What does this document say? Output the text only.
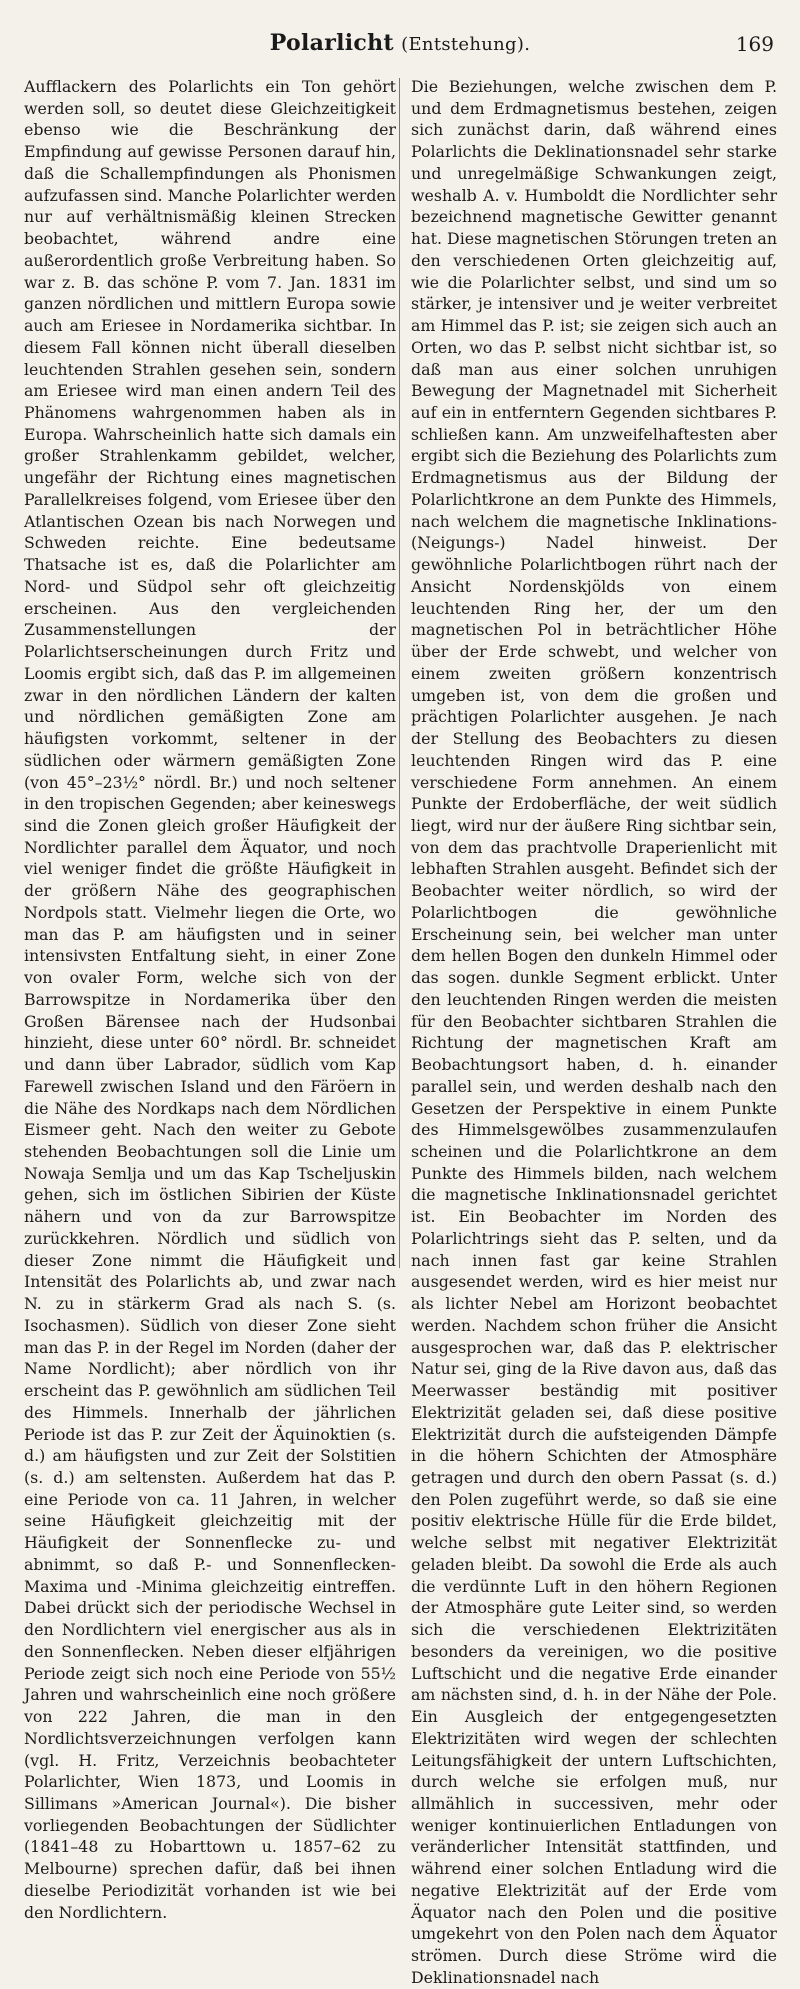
Polarlicht (Entstehung).	169

Aufflackern des Polarlichts ein Ton gehört werden soll, so deutet diese Gleichzeitigkeit ebenso wie die Beschränkung der Empfindung auf gewisse Personen darauf hin, daß die Schallempfindungen als Phonismen aufzufassen sind. Manche Polarlichter werden nur auf verhältnismäßig kleinen Strecken beobachtet, während andre eine außerordentlich große Verbreitung haben. So war z. B. das schöne P. vom 7. Jan. 1831 im ganzen nördlichen und mittlern Europa sowie auch am Eriesee in Nordamerika sichtbar. In diesem Fall können nicht überall dieselben leuchtenden Strahlen gesehen sein, sondern am Eriesee wird man einen andern Teil des Phänomens wahrgenommen haben als in Europa. Wahrscheinlich hatte sich damals ein großer Strahlenkamm gebildet, welcher, ungefähr der Richtung eines magnetischen Parallelkreises folgend, vom Eriesee über den Atlantischen Ozean bis nach Norwegen und Schweden reichte. Eine bedeutsame Thatsache ist es, daß die Polarlichter am Nord- und Südpol sehr oft gleichzeitig erscheinen. Aus den vergleichenden Zusammenstellungen der Polarlichtserscheinungen durch Fritz und Loomis ergibt sich, daß das P. im allgemeinen zwar in den nördlichen Ländern der kalten und nördlichen gemäßigten Zone am häufigsten vorkommt, seltener in der südlichen oder wärmern gemäßigten Zone (von 45°–23½° nördl. Br.) und noch seltener in den tropischen Gegenden; aber keineswegs sind die Zonen gleich großer Häufigkeit der Nordlichter parallel dem Äquator, und noch viel weniger findet die größte Häufigkeit in der größern Nähe des geographischen Nordpols statt. Vielmehr liegen die Orte, wo man das P. am häufigsten und in seiner intensivsten Entfaltung sieht, in einer Zone von ovaler Form, welche sich von der Barrowspitze in Nordamerika über den Großen Bärensee nach der Hudsonbai hinzieht, diese unter 60° nördl. Br. schneidet und dann über Labrador, südlich vom Kap Farewell zwischen Island und den Färöern in die Nähe des Nordkaps nach dem Nördlichen Eismeer geht. Nach den weiter zu Gebote stehenden Beobachtungen soll die Linie um Nowaja Semlja und um das Kap Tscheljuskin gehen, sich im östlichen Sibirien der Küste nähern und von da zur Barrowspitze zurückkehren. Nördlich und südlich von dieser Zone nimmt die Häufigkeit und Intensität des Polarlichts ab, und zwar nach N. zu in stärkerm Grad als nach S. (s. Isochasmen). Südlich von dieser Zone sieht man das P. in der Regel im Norden (daher der Name Nordlicht); aber nördlich von ihr erscheint das P. gewöhnlich am südlichen Teil des Himmels. Innerhalb der jährlichen Periode ist das P. zur Zeit der Äquinoktien (s. d.) am häufigsten und zur Zeit der Solstitien (s. d.) am seltensten. Außerdem hat das P. eine Periode von ca. 11 Jahren, in welcher seine Häufigkeit gleichzeitig mit der Häufigkeit der Sonnenflecke zu- und abnimmt, so daß P.- und Sonnenflecken-Maxima und -Minima gleichzeitig eintreffen. Dabei drückt sich der periodische Wechsel in den Nordlichtern viel energischer aus als in den Sonnenflecken. Neben dieser elfjährigen Periode zeigt sich noch eine Periode von 55½ Jahren und wahrscheinlich eine noch größere von 222 Jahren, die man in den Nordlichtsverzeichnungen verfolgen kann (vgl. H. Fritz, Verzeichnis beobachteter Polarlichter, Wien 1873, und Loomis in Sillimans »American Journal«). Die bisher vorliegenden Beobachtungen der Südlichter (1841–48 zu Hobarttown u. 1857–62 zu Melbourne) sprechen dafür, daß bei ihnen dieselbe Periodizität vorhanden ist wie bei den Nordlichtern.

Die Beziehungen, welche zwischen dem P. und dem Erdmagnetismus bestehen, zeigen sich zunächst darin, daß während eines Polarlichts die Deklinationsnadel sehr starke und unregelmäßige Schwankungen zeigt, weshalb A. v. Humboldt die Nordlichter sehr bezeichnend magnetische Gewitter genannt hat. Diese magnetischen Störungen treten an den verschiedenen Orten gleichzeitig auf, wie die Polarlichter selbst, und sind um so stärker, je intensiver und je weiter verbreitet am Himmel das P. ist; sie zeigen sich auch an Orten, wo das P. selbst nicht sichtbar ist, so daß man aus einer solchen unruhigen Bewegung der Magnetnadel mit Sicherheit auf ein in entferntern Gegenden sichtbares P. schließen kann. Am unzweifelhaftesten aber ergibt sich die Beziehung des Polarlichts zum Erdmagnetismus aus der Bildung der Polarlichtkrone an dem Punkte des Himmels, nach welchem die magnetische Inklinations- (Neigungs-) Nadel hinweist. Der gewöhnliche Polarlichtbogen rührt nach der Ansicht Nordenskjölds von einem leuchtenden Ring her, der um den magnetischen Pol in beträchtlicher Höhe über der Erde schwebt, und welcher von einem zweiten größern konzentrisch umgeben ist, von dem die großen und prächtigen Polarlichter ausgehen. Je nach der Stellung des Beobachters zu diesen leuchtenden Ringen wird das P. eine verschiedene Form annehmen. An einem Punkte der Erdoberfläche, der weit südlich liegt, wird nur der äußere Ring sichtbar sein, von dem das prachtvolle Draperienlicht mit lebhaften Strahlen ausgeht. Befindet sich der Beobachter weiter nördlich, so wird der Polarlichtbogen die gewöhnliche Erscheinung sein, bei welcher man unter dem hellen Bogen den dunkeln Himmel oder das sogen. dunkle Segment erblickt. Unter den leuchtenden Ringen werden die meisten für den Beobachter sichtbaren Strahlen die Richtung der magnetischen Kraft am Beobachtungsort haben, d. h. einander parallel sein, und werden deshalb nach den Gesetzen der Perspektive in einem Punkte des Himmelsgewölbes zusammenzulaufen scheinen und die Polarlichtkrone an dem Punkte des Himmels bilden, nach welchem die magnetische Inklinationsnadel gerichtet ist. Ein Beobachter im Norden des Polarlichtrings sieht das P. selten, und da nach innen fast gar keine Strahlen ausgesendet werden, wird es hier meist nur als lichter Nebel am Horizont beobachtet werden. Nachdem schon früher die Ansicht ausgesprochen war, daß das P. elektrischer Natur sei, ging de la Rive davon aus, daß das Meerwasser beständig mit positiver Elektrizität geladen sei, daß diese positive Elektrizität durch die aufsteigenden Dämpfe in die höhern Schichten der Atmosphäre getragen und durch den obern Passat (s. d.) den Polen zugeführt werde, so daß sie eine positiv elektrische Hülle für die Erde bildet, welche selbst mit negativer Elektrizität geladen bleibt. Da sowohl die Erde als auch die verdünnte Luft in den höhern Regionen der Atmosphäre gute Leiter sind, so werden sich die verschiedenen Elektrizitäten besonders da vereinigen, wo die positive Luftschicht und die negative Erde einander am nächsten sind, d. h. in der Nähe der Pole. Ein Ausgleich der entgegengesetzten Elektrizitäten wird wegen der schlechten Leitungsfähigkeit der untern Luftschichten, durch welche sie erfolgen muß, nur allmählich in successiven, mehr oder weniger kontinuierlichen Entladungen von veränderlicher Intensität stattfinden, und während einer solchen Entladung wird die negative Elektrizität auf der Erde vom Äquator nach den Polen und die positive umgekehrt von den Polen nach dem Äquator strömen. Durch diese Ströme wird die Deklinationsnadel nach
